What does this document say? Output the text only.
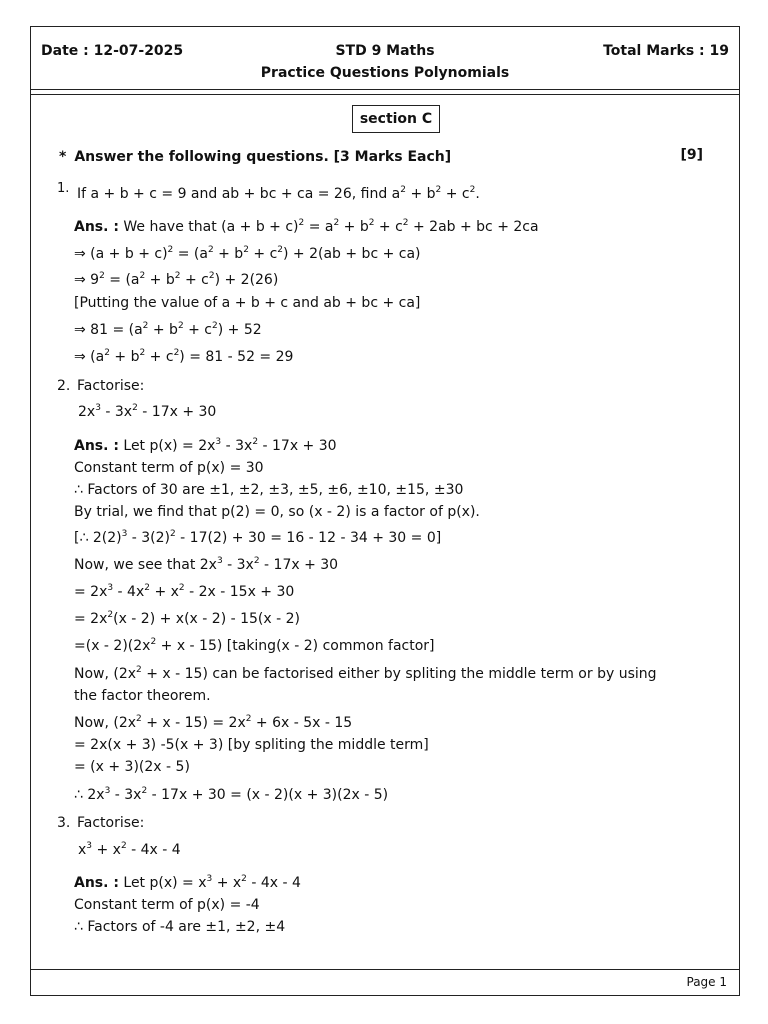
Date : 12-07-2025	STD 9 Maths
Practice Questions Polynomials
Total Marks : 19
section C
* Answer the following questions. [3 Marks Each]	[9]
1. If a + b + c = 9 and ab + bc + ca = 26, find $a^2 + b^2 + c^2$.
Ans. : We have that $(a + b + c)^2 = a^2 + b^2 + c^2 + 2ab$ + bc + 2ca
⇒ $(a + b + c)^2 = (a^2 + b^2 + c^2) + 2(ab$ + bc + ca)
⇒ $9^2 = (a^2 + b^2 + c^2) + 2(26)$
[Putting the value of a + b + c and ab + bc + ca]
⇒ $81 = (a^2 + b^2 + c^2) + 52$
⇒ $(a^2 + b^2 + c^2) = 81 - 52 = 29$
2. Factorise:
$2x^3 - 3x^2 - 17x + 30$
Ans. : Let $p(x) = 2x^3 - 3x^2 - 17x + 30$
Constant term of p(x) = 30
∴ Factors of 30 are ±1, ±2, ±3, ±5, ±6, ±10, ±15, ±30
By trial, we find that p(2) = 0, so (x - 2) is a factor of p(x).
[∴ $2(2)^3 - 3(2)^2 - 17(2) + 30 = 16 - 12 - 34 + 30 = 0$]
Now, we see that $2x^3 - 3x^2 - 17x + 30$
= $2x^3 - 4x^2 + x^2 - 2x - 15x + 30$
= $2x^2(x - 2) + x(x - 2) - 15(x - 2)$
$=(x - 2)(2x^2 + x - 15)$ [taking(x - 2) common factor]
Now, $(2x^2 + x - 15)$ can be factorised either by spliting the middle term or by using
the factor theorem.
Now, $(2x^2 + x - 15) = 2x^2 + 6x - 5x - 15$
= 2x(x + 3) -5(x + 3) [by spliting the middle term]
= (x + 3)(2x - 5)
∴ $2x^3 - 3x^2 - 17x + 30 = (x - 2)(x + 3)(2x - 5)$
3. Factorise:
$x^3 + x^2 - 4x - 4$
Ans. : Let $p(x) = x^3 + x^2 - 4x - 4$
Constant term of p(x) = -4
∴ Factors of -4 are ±1, ±2, ±4
Page 1
